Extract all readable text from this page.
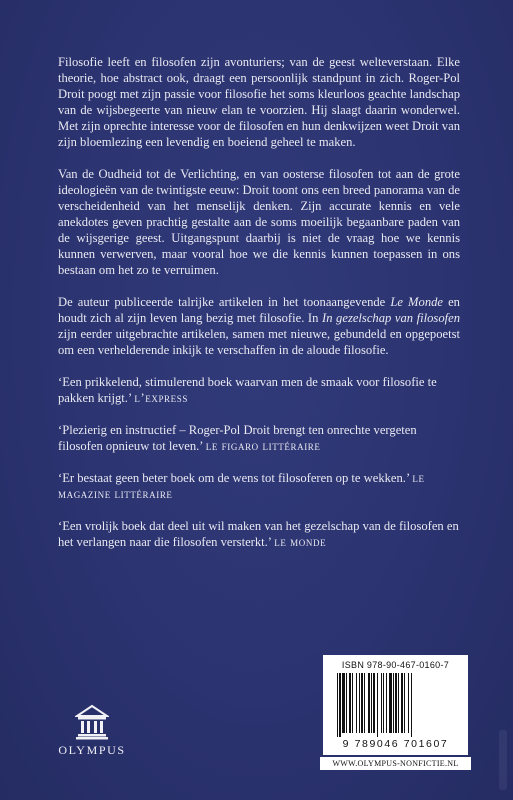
Filosofie leeft en filosofen zijn avonturiers; van de geest welteverstaan. Elke theorie, hoe abstract ook, draagt een persoonlijk standpunt in zich. Roger-Pol Droit poogt met zijn passie voor filosofie het soms kleurloos geachte landschap van de wijsbegeerte van nieuw elan te voorzien. Hij slaagt daarin wonderwel. Met zijn oprechte interesse voor de filosofen en hun denkwijzen weet Droit van zijn bloemlezing een levendig en boeiend geheel te maken.

Van de Oudheid tot de Verlichting, en van oosterse filosofen tot aan de grote ideologieën van de twintigste eeuw: Droit toont ons een breed panorama van de verscheidenheid van het menselijk denken. Zijn accurate kennis en vele anekdotes geven prachtig gestalte aan de soms moeilijk begaanbare paden van de wijsgerige geest. Uitgangspunt daarbij is niet de vraag hoe we kennis kunnen verwerven, maar vooral hoe we die kennis kunnen toepassen in ons bestaan om het zo te verruimen.

De auteur publiceerde talrijke artikelen in het toonaangevende Le Monde en houdt zich al zijn leven lang bezig met filosofie. In In gezelschap van filosofen zijn eerder uitgebrachte artikelen, samen met nieuwe, gebundeld en opgepoetst om een verhelderende inkijk te verschaffen in de aloude filosofie.

‘Een prikkelend, stimulerend boek waarvan men de smaak voor filosofie te pakken krijgt.’ l’express

‘Plezierig en instructief – Roger-Pol Droit brengt ten onrechte vergeten filosofen opnieuw tot leven.’ le figaro littéraire

‘Er bestaat geen beter boek om de wens tot filosoferen op te wekken.’ le magazine littéraire

‘Een vrolijk boek dat deel uit wil maken van het gezelschap van de filosofen en het verlangen naar die filosofen versterkt.’ le monde

OLYMPUS
ISBN 978-90-467-0160-7
9 789046 701607
WWW.OLYMPUS-NONFICTIE.NL
